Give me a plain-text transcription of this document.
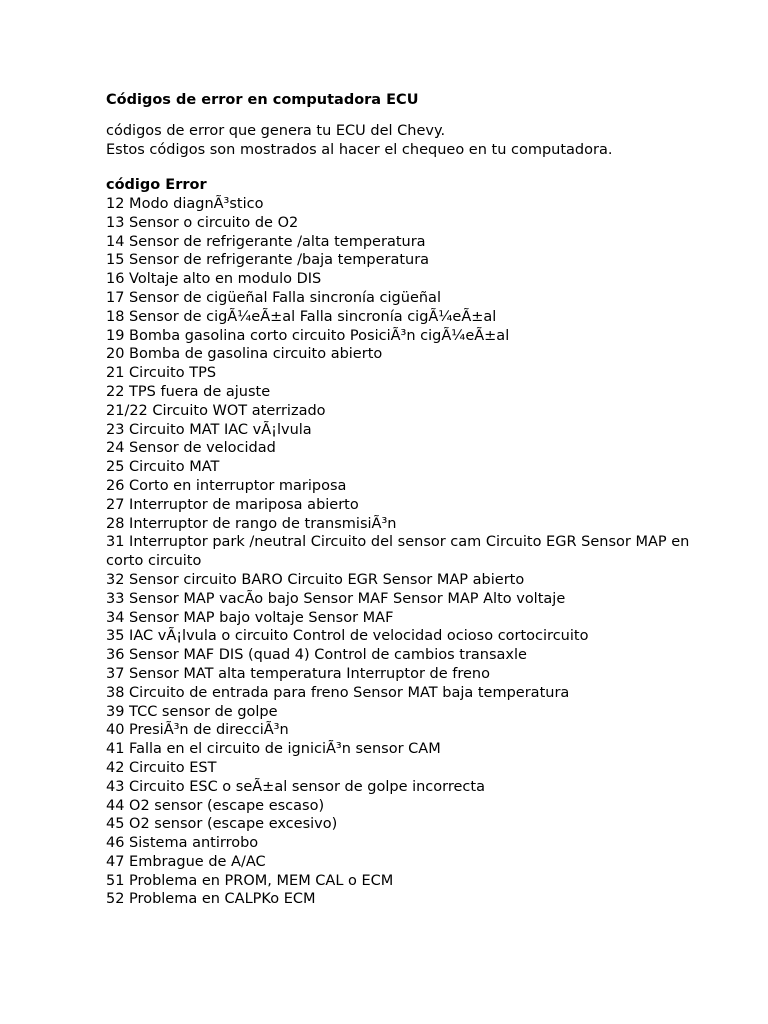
Códigos de error en computadora ECU
códigos de error que genera tu ECU del Chevy.
Estos códigos son mostrados al hacer el chequeo en tu computadora.
código Error
12 Modo diagnÃ³stico
13 Sensor o circuito de O2
14 Sensor de refrigerante /alta temperatura
15 Sensor de refrigerante /baja temperatura
16 Voltaje alto en modulo DIS
17 Sensor de cigüeñal Falla sincronía cigüeñal
18 Sensor de cigÃ¼eÃ±al Falla sincronía cigÃ¼eÃ±al
19 Bomba gasolina corto circuito PosiciÃ³n cigÃ¼eÃ±al
20 Bomba de gasolina circuito abierto
21 Circuito TPS
22 TPS fuera de ajuste
21/22 Circuito WOT aterrizado
23 Circuito MAT IAC vÃ¡lvula
24 Sensor de velocidad
25 Circuito MAT
26 Corto en interruptor mariposa
27 Interruptor de mariposa abierto
28 Interruptor de rango de transmisiÃ³n
31 Interruptor park /neutral Circuito del sensor cam Circuito EGR Sensor MAP en corto circuito
32 Sensor circuito BARO Circuito EGR Sensor MAP abierto
33 Sensor MAP vacÃo bajo Sensor MAF Sensor MAP Alto voltaje
34 Sensor MAP bajo voltaje Sensor MAF
35 IAC vÃ¡lvula o circuito Control de velocidad ocioso cortocircuito
36 Sensor MAF DIS (quad 4) Control de cambios transaxle
37 Sensor MAT alta temperatura Interruptor de freno
38 Circuito de entrada para freno Sensor MAT baja temperatura
39 TCC sensor de golpe
40 PresiÃ³n de direcciÃ³n
41 Falla en el circuito de igniciÃ³n sensor CAM
42 Circuito EST
43 Circuito ESC o seÃ±al sensor de golpe incorrecta
44 O2 sensor (escape escaso)
45 O2 sensor (escape excesivo)
46 Sistema antirrobo
47 Embrague de A/AC
51 Problema en PROM, MEM CAL o ECM
52 Problema en CALPKo ECM
